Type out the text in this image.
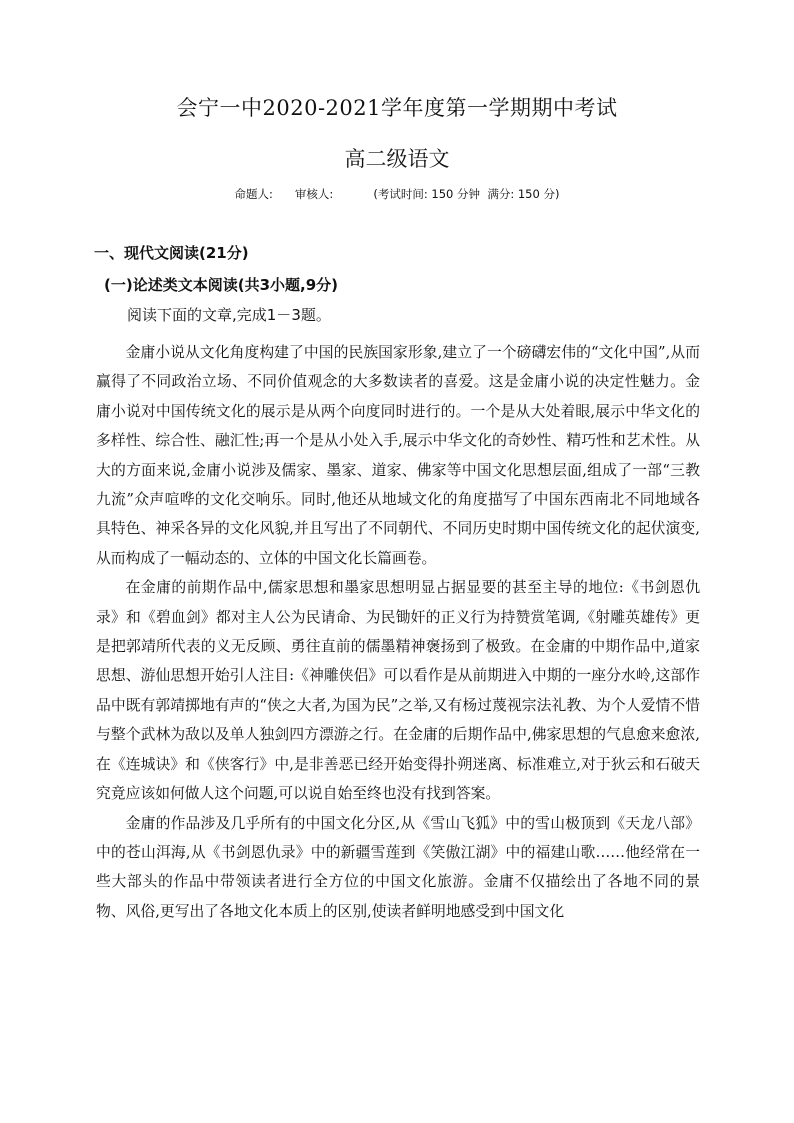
会宁一中2020-2021学年度第一学期期中考试
高二级语文
命题人:      审核人:           (考试时间: 150 分钟  满分: 150 分)
一、现代文阅读(21分)
(一)论述类文本阅读(共3小题,9分)
阅读下面的文章,完成1－3题。

金庸小说从文化角度构建了中国的民族国家形象,建立了一个磅礴宏伟的“文化中国”,从而赢得了不同政治立场、不同价值观念的大多数读者的喜爱。这是金庸小说的决定性魅力。金庸小说对中国传统文化的展示是从两个向度同时进行的。一个是从大处着眼,展示中华文化的多样性、综合性、融汇性;再一个是从小处入手,展示中华文化的奇妙性、精巧性和艺术性。从大的方面来说,金庸小说涉及儒家、墨家、道家、佛家等中国文化思想层面,组成了一部“三教九流”众声喧哗的文化交响乐。同时,他还从地域文化的角度描写了中国东西南北不同地域各具特色、神采各异的文化风貌,并且写出了不同朝代、不同历史时期中国传统文化的起伏演变,从而构成了一幅动态的、立体的中国文化长篇画卷。

在金庸的前期作品中,儒家思想和墨家思想明显占据显要的甚至主导的地位:《书剑恩仇录》和《碧血剑》都对主人公为民请命、为民锄奸的正义行为持赞赏笔调,《射雕英雄传》更是把郭靖所代表的义无反顾、勇往直前的儒墨精神褒扬到了极致。在金庸的中期作品中,道家思想、游仙思想开始引人注目:《神雕侠侣》可以看作是从前期进入中期的一座分水岭,这部作品中既有郭靖掷地有声的“侠之大者,为国为民”之举,又有杨过蔑视宗法礼教、为个人爱情不惜与整个武林为敌以及单人独剑四方漂游之行。在金庸的后期作品中,佛家思想的气息愈来愈浓,在《连城诀》和《侠客行》中,是非善恶已经开始变得扑朔迷离、标准难立,对于狄云和石破天究竟应该如何做人这个问题,可以说自始至终也没有找到答案。

金庸的作品涉及几乎所有的中国文化分区,从《雪山飞狐》中的雪山极顶到《天龙八部》中的苍山洱海,从《书剑恩仇录》中的新疆雪莲到《笑傲江湖》中的福建山歌……他经常在一些大部头的作品中带领读者进行全方位的中国文化旅游。金庸不仅描绘出了各地不同的景物、风俗,更写出了各地文化本质上的区别,使读者鲜明地感受到中国文化
